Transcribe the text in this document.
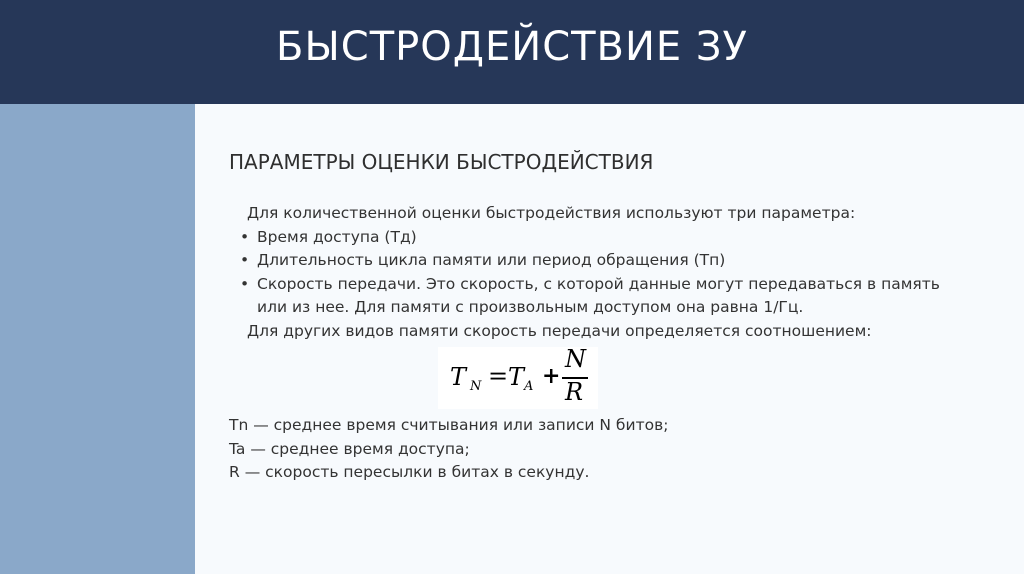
БЫСТРОДЕЙСТВИЕ ЗУ
ПАРАМЕТРЫ ОЦЕНКИ БЫСТРОДЕЙСТВИЯ
Для количественной оценки быстродействия используют три параметра:
• Время доступа (Тд)
• Длительность цикла памяти или период обращения (Тп)
• Скорость передачи. Это скорость, с которой данные могут передаваться в память или из нее. Для памяти с произвольным доступом она равна 1/Гц.
Для других видов памяти скорость передачи определяется соотношением:
T N = T A +
N
R
Tn — среднее время считывания или записи N битов;
Ta — среднее время доступа;
R — скорость пересылки в битах в секунду.
